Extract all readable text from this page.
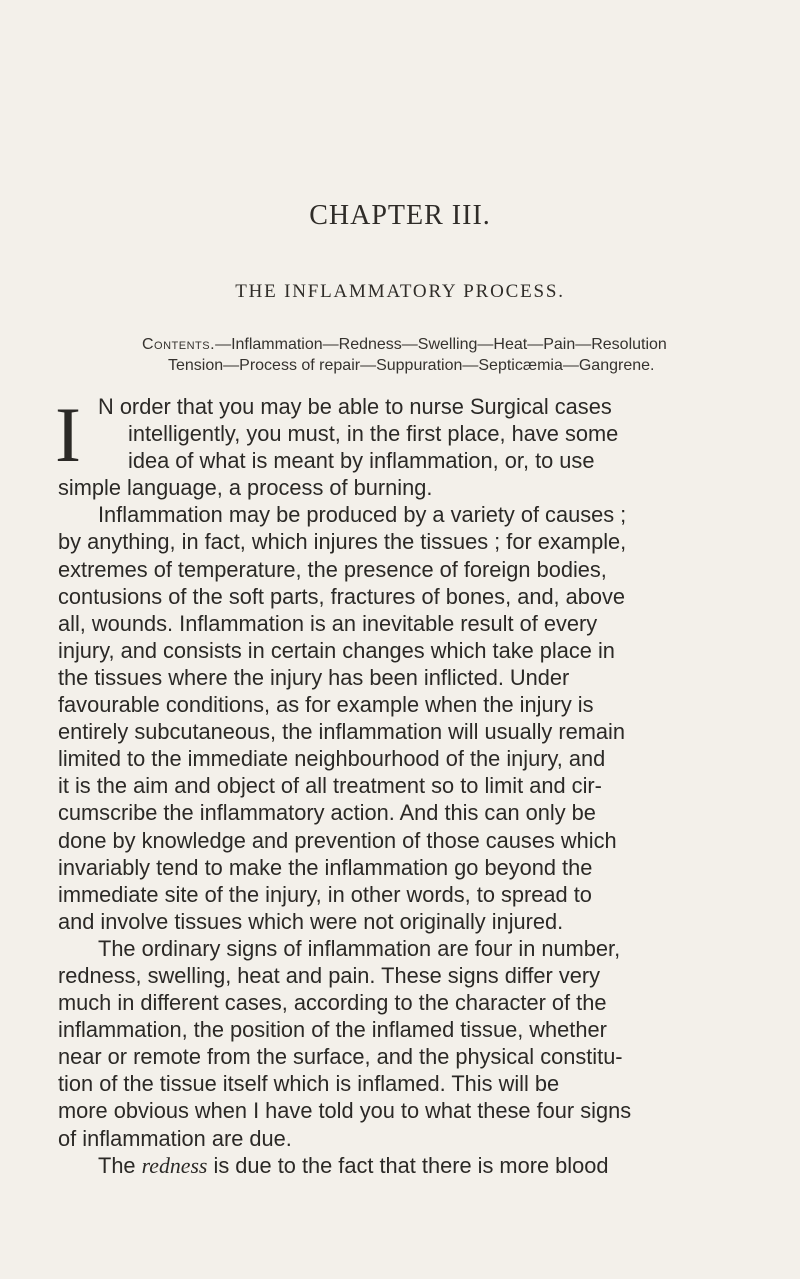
CHAPTER III.
THE INFLAMMATORY PROCESS.
Contents.—Inflammation—Redness—Swelling—Heat—Pain—Resolution
Tension—Process of repair—Suppuration—Septicæmia—Gangrene.
I N order that you may be able to nurse Surgical cases
intelligently, you must, in the first place, have some
idea of what is meant by inflammation, or, to use
simple language, a process of burning.
Inflammation may be produced by a variety of causes ;
by anything, in fact, which injures the tissues ; for example,
extremes of temperature, the presence of foreign bodies,
contusions of the soft parts, fractures of bones, and, above
all, wounds. Inflammation is an inevitable result of every
injury, and consists in certain changes which take place in
the tissues where the injury has been inflicted. Under
favourable conditions, as for example when the injury is
entirely subcutaneous, the inflammation will usually remain
limited to the immediate neighbourhood of the injury, and
it is the aim and object of all treatment so to limit and cir-
cumscribe the inflammatory action. And this can only be
done by knowledge and prevention of those causes which
invariably tend to make the inflammation go beyond the
immediate site of the injury, in other words, to spread to
and involve tissues which were not originally injured.
The ordinary signs of inflammation are four in number,
redness, swelling, heat and pain. These signs differ very
much in different cases, according to the character of the
inflammation, the position of the inflamed tissue, whether
near or remote from the surface, and the physical constitu-
tion of the tissue itself which is inflamed. This will be
more obvious when I have told you to what these four signs
of inflammation are due.
The redness is due to the fact that there is more blood
